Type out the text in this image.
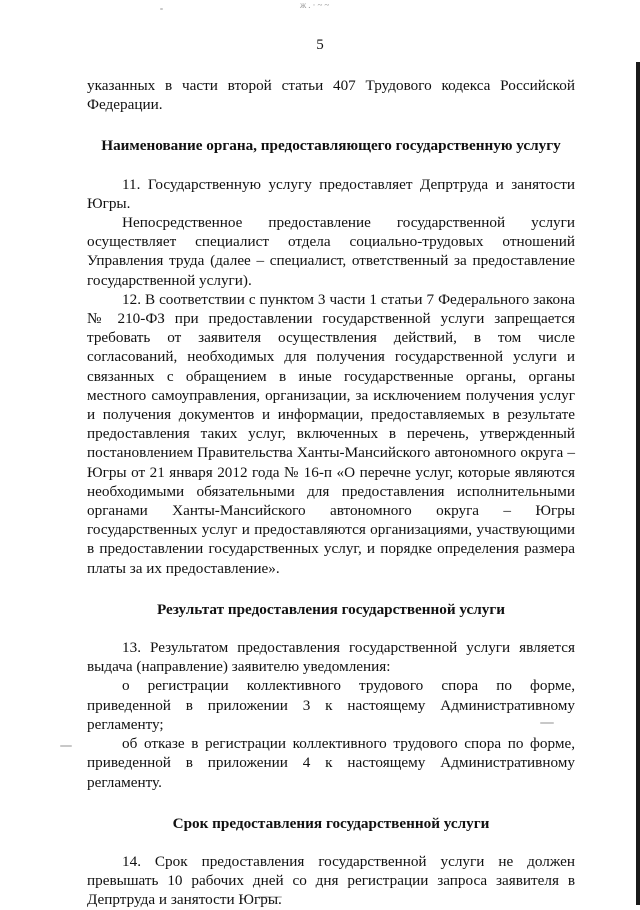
ж.·~~
5

указанных в части второй статьи 407 Трудового кодекса Российской Федерации.

Наименование органа, предоставляющего государственную услугу

11. Государственную услугу предоставляет Депртруда и занятости Югры.

Непосредственное предоставление государственной услуги осуществляет специалист отдела социально-трудовых отношений Управления труда (далее – специалист, ответственный за предоставление государственной услуги).

12. В соответствии с пунктом 3 части 1 статьи 7 Федерального закона № 210-ФЗ при предоставлении государственной услуги запрещается требовать от заявителя осуществления действий, в том числе согласований, необходимых для получения государственной услуги и связанных с обращением в иные государственные органы, органы местного самоуправления, организации, за исключением получения услуг и получения документов и информации, предоставляемых в результате предоставления таких услуг, включенных в перечень, утвержденный постановлением Правительства Ханты-Мансийского автономного округа – Югры от 21 января 2012 года № 16-п «О перечне услуг, которые являются необходимыми обязательными для предоставления исполнительными органами Ханты-Мансийского автономного округа – Югры государственных услуг и предоставляются организациями, участвующими в предоставлении государственных услуг, и порядке определения размера платы за их предоставление».

Результат предоставления государственной услуги

13. Результатом предоставления государственной услуги является выдача (направление) заявителю уведомления:

о регистрации коллективного трудового спора по форме, приведенной в приложении 3 к настоящему Административному регламенту;

об отказе в регистрации коллективного трудового спора по форме, приведенной в приложении 4 к настоящему Административному регламенту.

Срок предоставления государственной услуги

14. Срок предоставления государственной услуги не должен превышать 10 рабочих дней со дня регистрации запроса заявителя в Депртруда и занятости Югры.
